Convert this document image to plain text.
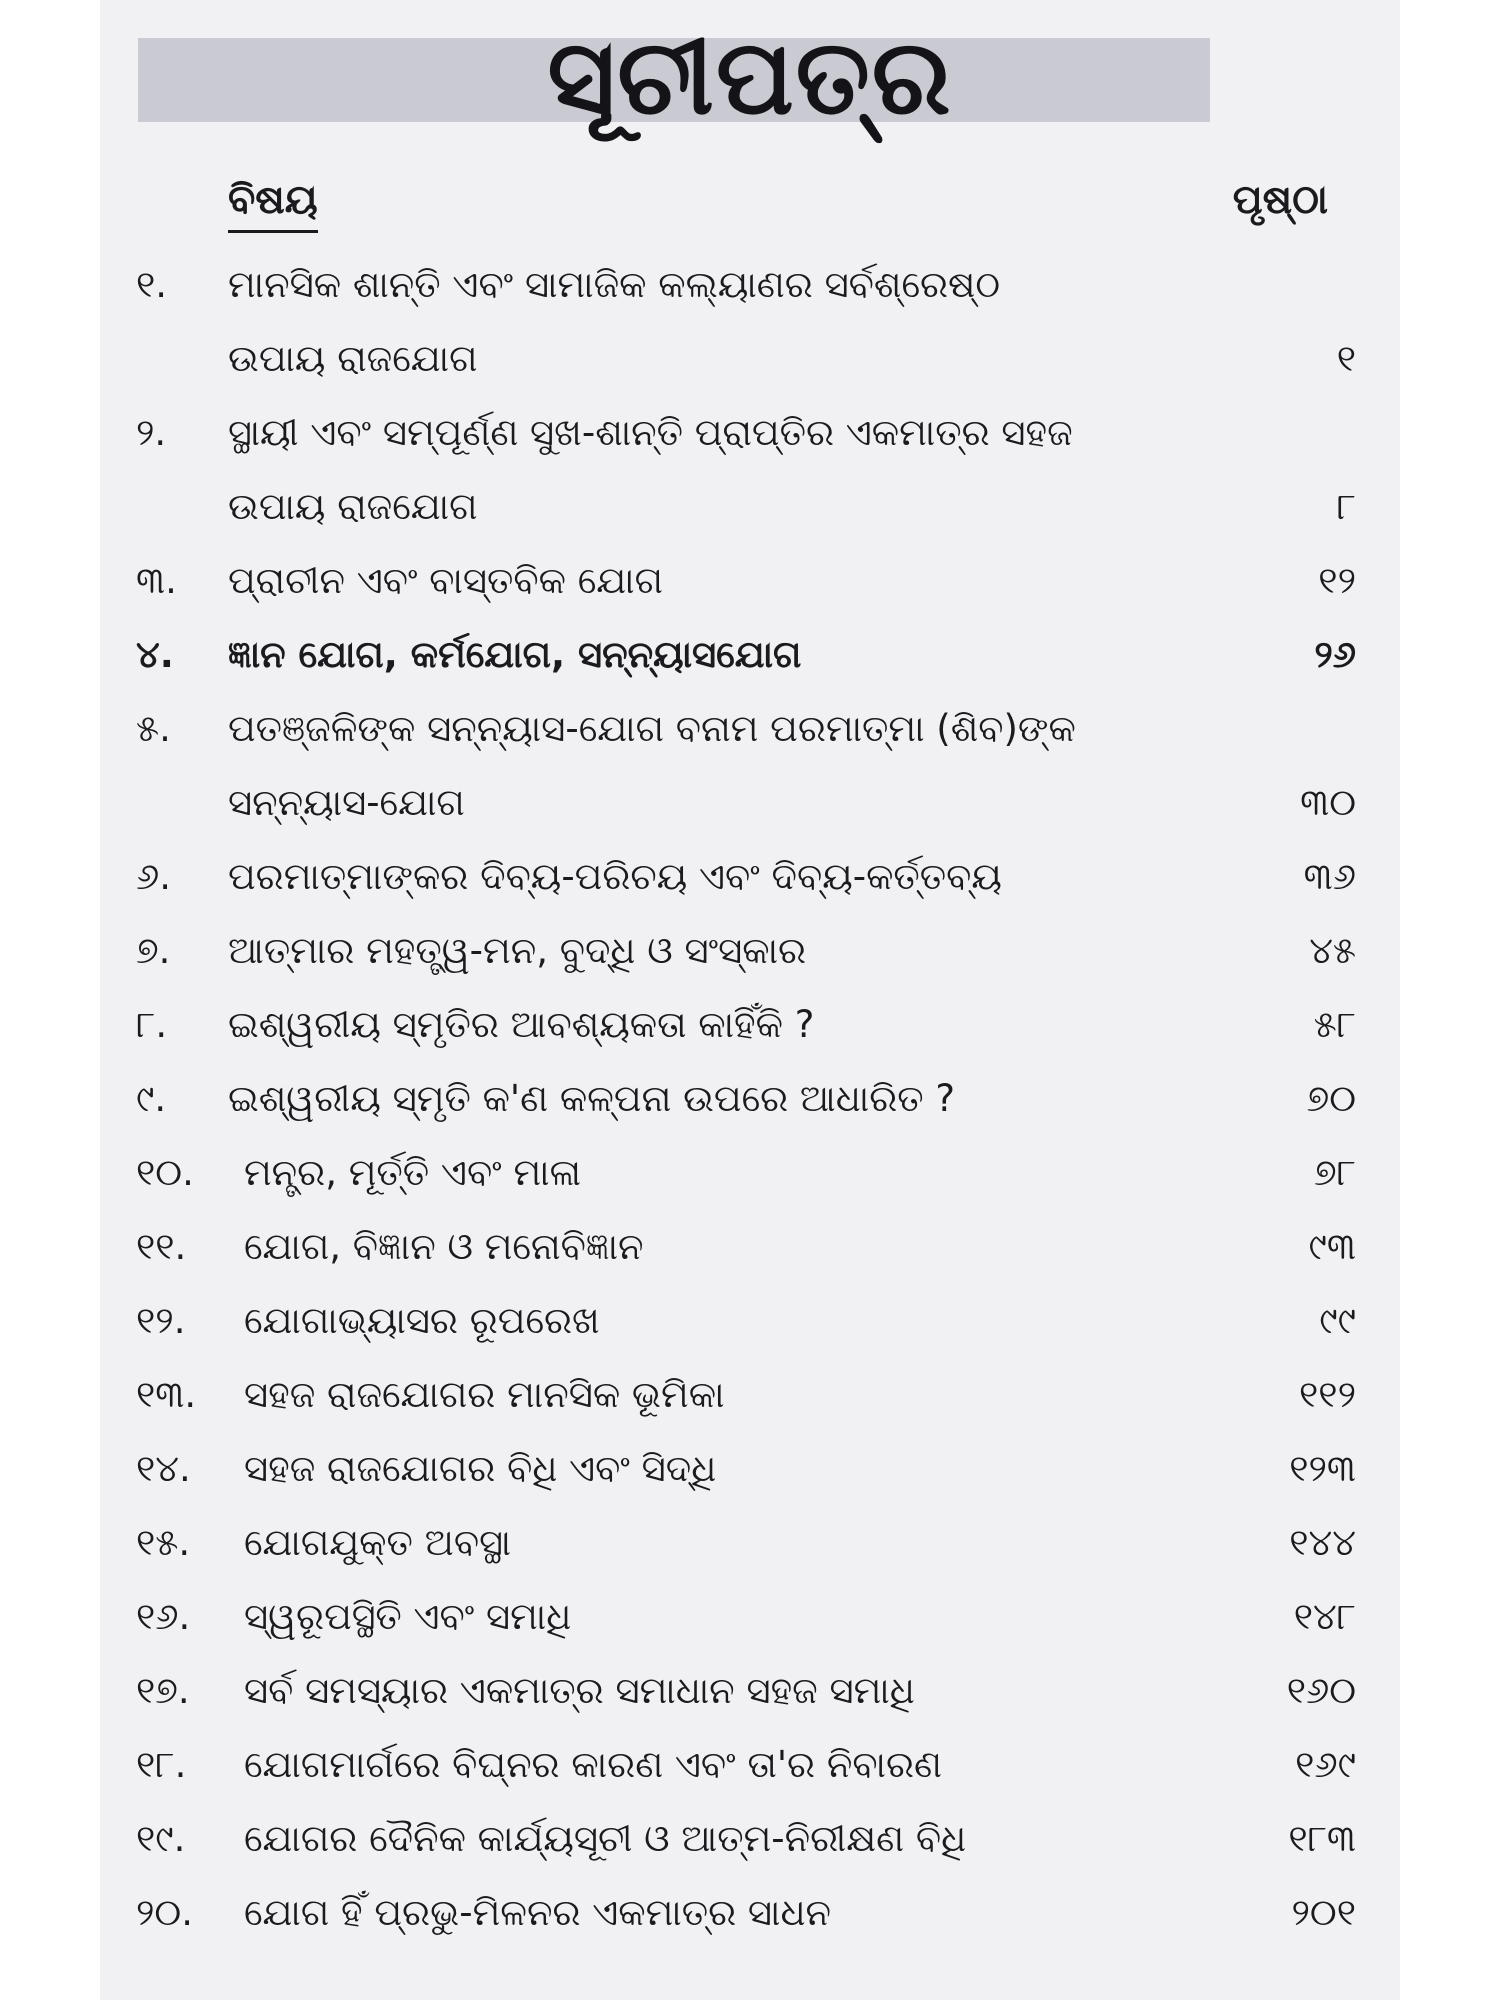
ସୂଚୀପତ୍ର
ବିଷୟ	ପୃଷ୍ଠା
୧.	ମାନସିକ ଶାନ୍ତି ଏବଂ ସାମାଜିକ କଲ୍ୟାଣର ସର୍ବଶ୍ରେଷ୍ଠ
ଉପାୟ ରାଜଯୋଗ	୧
୨.	ସ୍ଥାୟୀ ଏବଂ ସମ୍ପୂର୍ଣ୍ଣ ସୁଖ-ଶାନ୍ତି ପ୍ରାପ୍ତିର ଏକମାତ୍ର ସହଜ
ଉପାୟ ରାଜଯୋଗ	୮
୩.	ପ୍ରାଚୀନ ଏବଂ ବାସ୍ତବିକ ଯୋଗ	୧୨
୪.	ଜ୍ଞାନ ଯୋଗ, କର୍ମଯୋଗ, ସନ୍ନ୍ୟାସଯୋଗ	୨୬
୫.	ପତଞ୍ଜଳିଙ୍କ ସନ୍ନ୍ୟାସ-ଯୋଗ ବନାମ ପରମାତ୍ମା (ଶିବ)ଙ୍କ
ସନ୍ନ୍ୟାସ-ଯୋଗ	୩୦
୬.	ପରମାତ୍ମାଙ୍କର ଦିବ୍ୟ-ପରିଚୟ ଏବଂ ଦିବ୍ୟ-କର୍ତ୍ତବ୍ୟ	୩୬
୭.	ଆତ୍ମାର ମହତ୍ତ୍ୱ-ମନ, ବୁଦ୍ଧି ଓ ସଂସ୍କାର	୪୫
୮.	ଇଶ୍ୱରୀୟ ସ୍ମୃତିର ଆବଶ୍ୟକତା କାହିଁକି ?	୫୮
୯.	ଇଶ୍ୱରୀୟ ସ୍ମୃତି କ'ଣ କଳ୍ପନା ଉପରେ ଆଧାରିତ ?	୭୦
୧୦. ମନ୍ତ୍ର, ମୂର୍ତ୍ତି ଏବଂ ମାଳା	୭୮
୧୧. ଯୋଗ, ବିଜ୍ଞାନ ଓ ମନୋବିଜ୍ଞାନ	୯୩
୧୨. ଯୋଗାଭ୍ୟାସର ରୂପରେଖ	୯୯
୧୩. ସହଜ ରାଜଯୋଗର ମାନସିକ ଭୂମିକା	୧୧୨
୧୪. ସହଜ ରାଜଯୋଗର ବିଧି ଏବଂ ସିଦ୍ଧି	୧୨୩
୧୫. ଯୋଗଯୁକ୍ତ ଅବସ୍ଥା	୧୪୪
୧୬. ସ୍ୱରୂପସ୍ଥିତି ଏବଂ ସମାଧି	୧୪୮
୧୭. ସର୍ବ ସମସ୍ୟାର ଏକମାତ୍ର ସମାଧାନ ସହଜ ସମାଧି	୧୬୦
୧୮. ଯୋଗମାର୍ଗରେ ବିଘ୍ନର କାରଣ ଏବଂ ତା'ର ନିବାରଣ	୧୬୯
୧୯. ଯୋଗର ଦୈନିକ କାର୍ଯ୍ୟସୂଚୀ ଓ ଆତ୍ମ-ନିରୀକ୍ଷଣ ବିଧି	୧୮୩
୨୦. ଯୋଗ ହିଁ ପ୍ରଭୁ-ମିଳନର ଏକମାତ୍ର ସାଧନ	୨୦୧
